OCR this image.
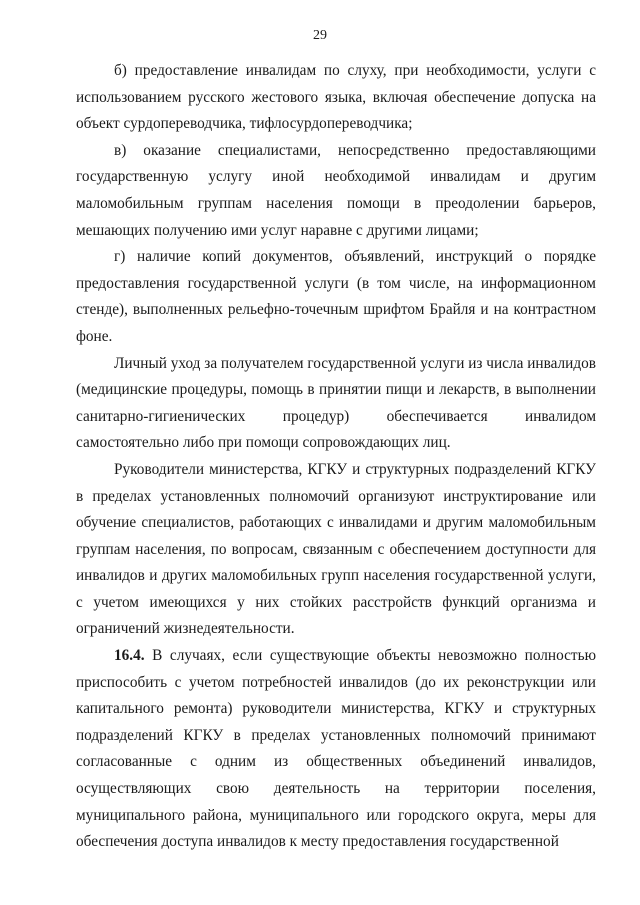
29

б) предоставление инвалидам по слуху, при необходимости, услуги с использованием русского жестового языка, включая обеспечение допуска на объект сурдопереводчика, тифлосурдопереводчика;

в) оказание специалистами, непосредственно предоставляющими государственную услугу иной необходимой инвалидам и другим маломобильным группам населения помощи в преодолении барьеров, мешающих получению ими услуг наравне с другими лицами;

г) наличие копий документов, объявлений, инструкций о порядке предоставления государственной услуги (в том числе, на информационном стенде), выполненных рельефно-точечным шрифтом Брайля и на контрастном фоне.

Личный уход за получателем государственной услуги из числа инвалидов (медицинские процедуры, помощь в принятии пищи и лекарств, в выполнении санитарно-гигиенических процедур) обеспечивается инвалидом самостоятельно либо при помощи сопровождающих лиц.

Руководители министерства, КГКУ и структурных подразделений КГКУ в пределах установленных полномочий организуют инструктирование или обучение специалистов, работающих с инвалидами и другим маломобильным группам населения, по вопросам, связанным с обеспечением доступности для инвалидов и других маломобильных групп населения государственной услуги, с учетом имеющихся у них стойких расстройств функций организма и ограничений жизнедеятельности.

16.4. В случаях, если существующие объекты невозможно полностью приспособить с учетом потребностей инвалидов (до их реконструкции или капитального ремонта) руководители министерства, КГКУ и структурных подразделений КГКУ в пределах установленных полномочий принимают согласованные с одним из общественных объединений инвалидов, осуществляющих свою деятельность на территории поселения, муниципального района, муниципального или городского округа, меры для обеспечения доступа инвалидов к месту предоставления государственной
